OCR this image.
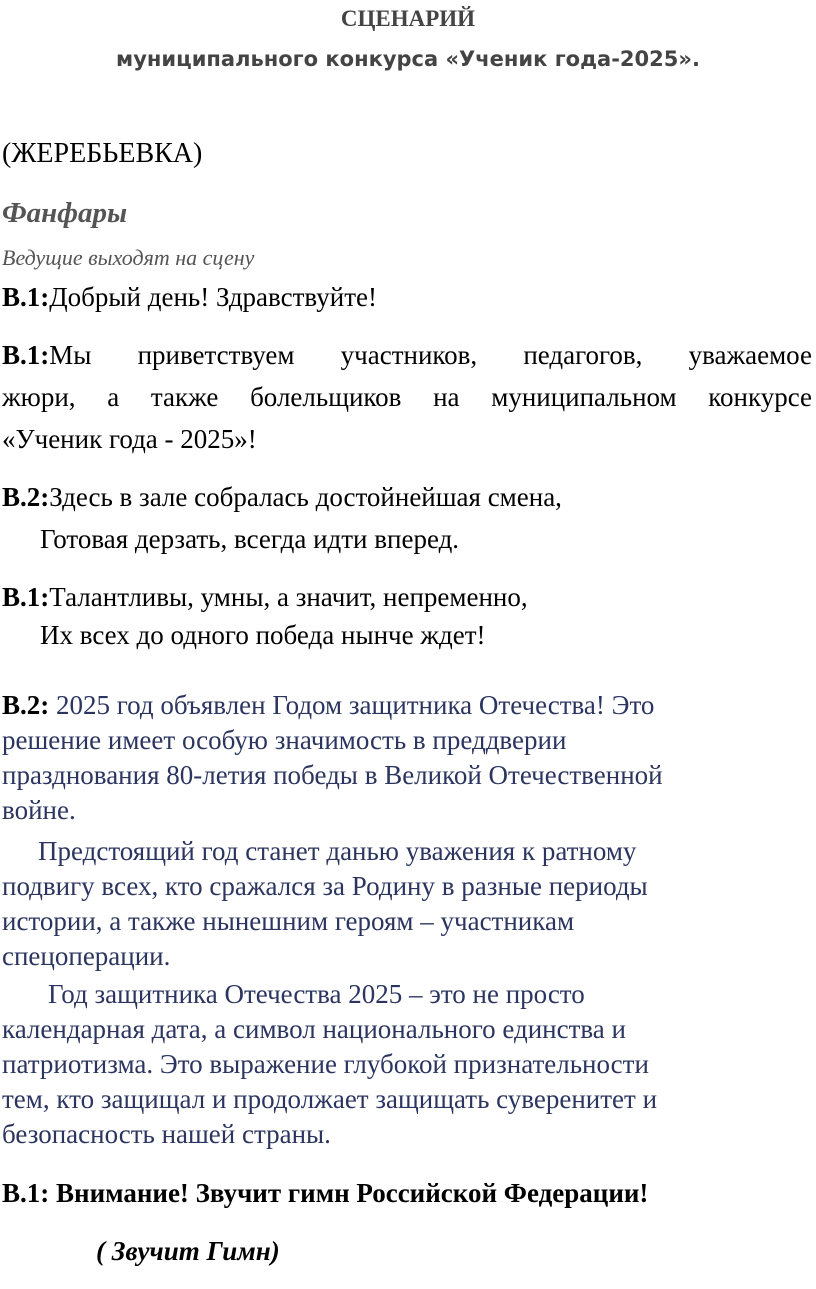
СЦЕНАРИЙ
муниципального конкурса «Ученик года-2025».
(ЖЕРЕБЬЕВКА)
Фанфары
Ведущие выходят на сцену
В.1:Добрый день! Здравствуйте!
В.1:Мы приветствуем участников, педагогов, уважаемое
жюри, а также болельщиков на муниципальном конкурсе
«Ученик года - 2025»!
В.2:Здесь в зале собралась достойнейшая смена,
Готовая дерзать, всегда идти вперед.
В.1:Талантливы, умны, а значит, непременно,
Их всех до одного победа нынче ждет!
В.2: 2025 год объявлен Годом защитника Отечества! Это
решение имеет особую значимость в преддверии
празднования 80-летия победы в Великой Отечественной
войне.
Предстоящий год станет данью уважения к ратному
подвигу всех, кто сражался за Родину в разные периоды
истории, а также нынешним героям – участникам
спецоперации.
Год защитника Отечества 2025 – это не просто
календарная дата, а символ национального единства и
патриотизма. Это выражение глубокой признательности
тем, кто защищал и продолжает защищать суверенитет и
безопасность нашей страны.
В.1: Внимание! Звучит гимн Российской Федерации!
( Звучит Гимн)
